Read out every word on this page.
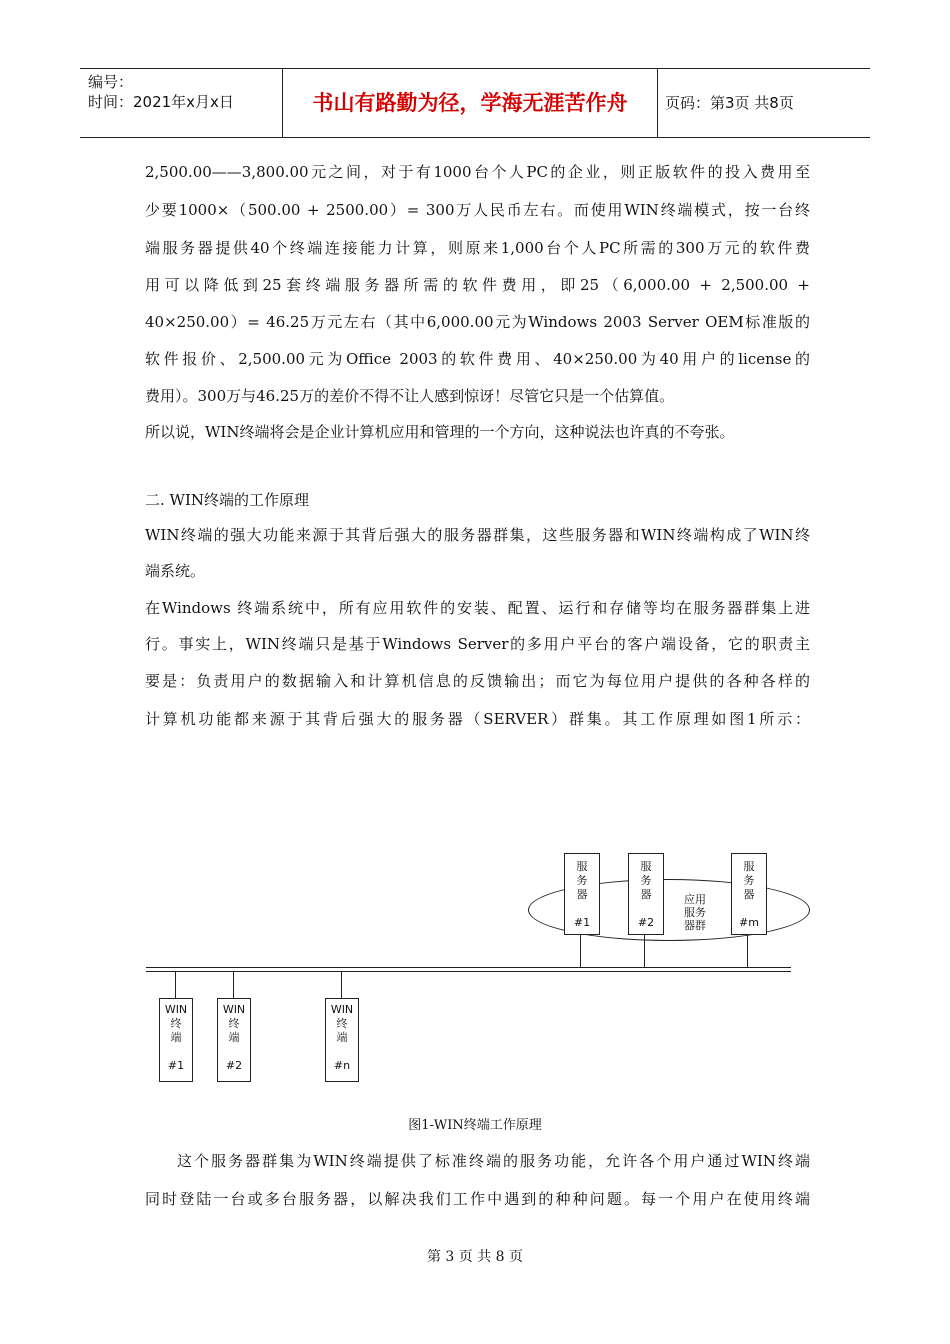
编号：
时间：2021年x月x日	书山有路勤为径，学海无涯苦作舟	页码：第3页 共8页
2,500.00——3,800.00元之间，对于有1000台个人PC的企业，则正版软件的投入费用至
少要1000×（500.00 + 2500.00）= 300万人民币左右。而使用WIN终端模式，按一台终
端服务器提供40个终端连接能力计算，则原来1,000台个人PC所需的300万元的软件费
用可以降低到25套终端服务器所需的软件费用，即25（6,000.00 + 2,500.00 +
40×250.00）= 46.25万元左右（其中6,000.00元为Windows 2003 Server OEM标准版的
软件报价、2,500.00元为Office 2003的软件费用、40×250.00为40用户的license的
费用）。300万与46.25万的差价不得不让人感到惊讶！尽管它只是一个估算值。
所以说，WIN终端将会是企业计算机应用和管理的一个方向，这种说法也许真的不夸张。
二. WIN终端的工作原理
WIN终端的强大功能来源于其背后强大的服务器群集，这些服务器和WIN终端构成了WIN终
端系统。
在Windows 终端系统中，所有应用软件的安装、配置、运行和存储等均在服务器群集上进
行。事实上，WIN终端只是基于Windows Server的多用户平台的客户端设备，它的职责主
要是：负责用户的数据输入和计算机信息的反馈输出；而它为每位用户提供的各种各样的
计算机功能都来源于其背后强大的服务器（SERVER）群集。其工作原理如图1所示：
服
务
器
#1
服
务
器
#2
应用
服务
器群
服
务
器
#m
WIN
终
端
#1
WIN
终
端
#2
WIN
终
端
#n
图1-WIN终端工作原理
这个服务器群集为WIN终端提供了标准终端的服务功能，允许各个用户通过WIN终端
同时登陆一台或多台服务器，以解决我们工作中遇到的种种问题。每一个用户在使用终端
第 3 页 共 8 页
